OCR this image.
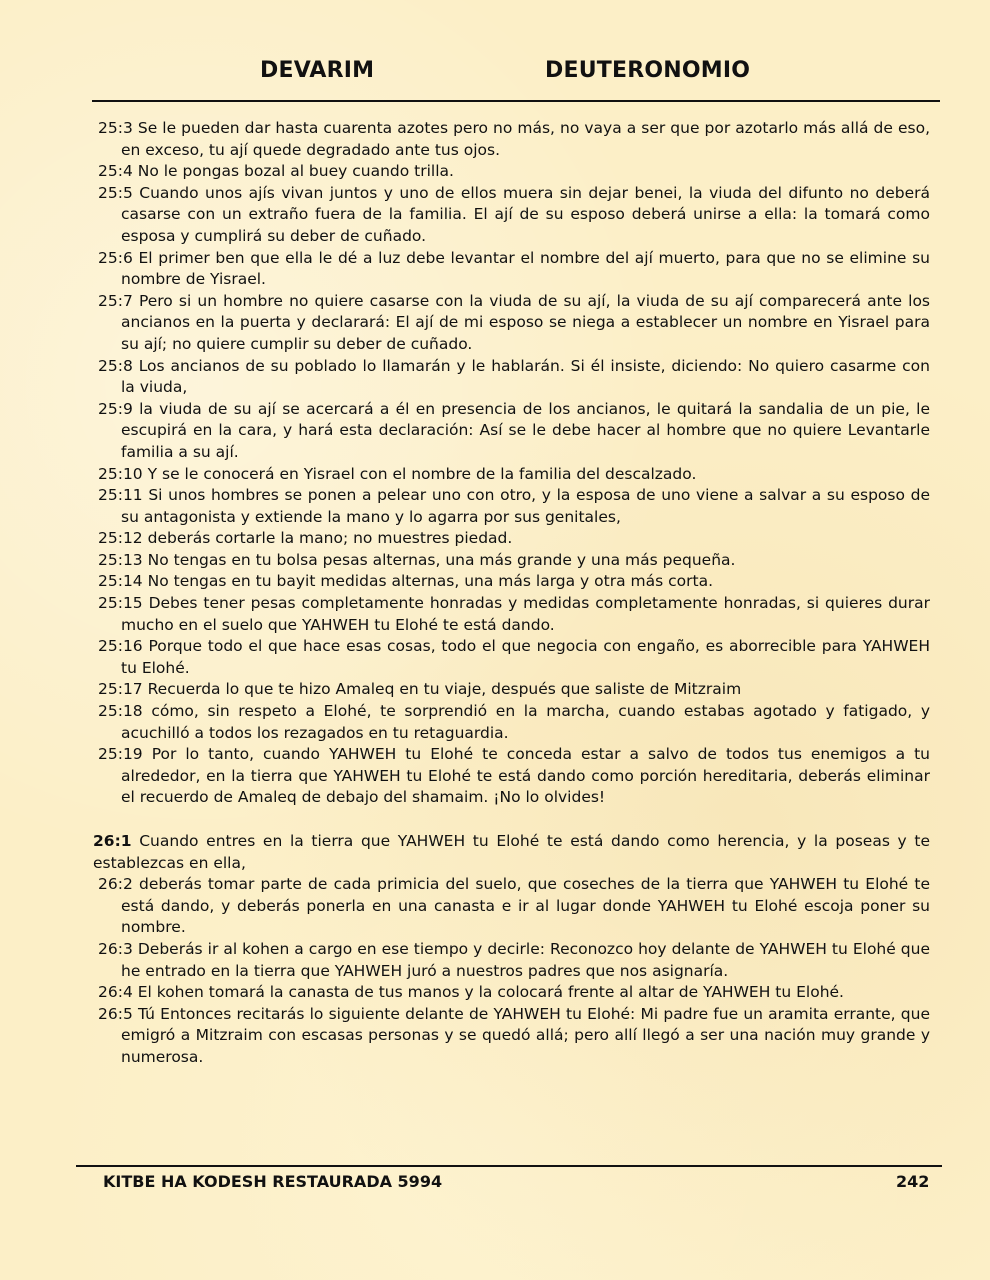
DEVARIM	DEUTERONOMIO

25:3 Se le pueden dar hasta cuarenta azotes pero no más, no vaya a ser que por azotarlo más allá de eso, en exceso, tu ají quede degradado ante tus ojos.

25:4 No le pongas bozal al buey cuando trilla.

25:5 Cuando unos ajís vivan juntos y uno de ellos muera sin dejar benei, la viuda del difunto no deberá casarse con un extraño fuera de la familia. El ají de su esposo deberá unirse a ella: la tomará como esposa y cumplirá su deber de cuñado.

25:6 El primer ben que ella le dé a luz debe levantar el nombre del ají muerto, para que no se elimine su nombre de Yisrael.

25:7 Pero si un hombre no quiere casarse con la viuda de su ají, la viuda de su ají comparecerá ante los ancianos en la puerta y declarará: El ají de mi esposo se niega a establecer un nombre en Yisrael para su ají; no quiere cumplir su deber de cuñado.

25:8 Los ancianos de su poblado lo llamarán y le hablarán. Si él insiste, diciendo: No quiero casarme con la viuda,

25:9 la viuda de su ají se acercará a él en presencia de los ancianos, le quitará la sandalia de un pie, le escupirá en la cara, y hará esta declaración: Así se le debe hacer al hombre que no quiere Levantarle familia a su ají.

25:10 Y se le conocerá en Yisrael con el nombre de la familia del descalzado.

25:11 Si unos hombres se ponen a pelear uno con otro, y la esposa de uno viene a salvar a su esposo de su antagonista y extiende la mano y lo agarra por sus genitales,

25:12 deberás cortarle la mano; no muestres piedad.

25:13 No tengas en tu bolsa pesas alternas, una más grande y una más pequeña.

25:14 No tengas en tu bayit medidas alternas, una más larga y otra más corta.

25:15 Debes tener pesas completamente honradas y medidas completamente honradas, si quieres durar mucho en el suelo que YAHWEH tu Elohé te está dando.

25:16 Porque todo el que hace esas cosas, todo el que negocia con engaño, es aborrecible para YAHWEH tu Elohé.

25:17 Recuerda lo que te hizo Amaleq en tu viaje, después que saliste de Mitzraim

25:18 cómo, sin respeto a Elohé, te sorprendió en la marcha, cuando estabas agotado y fatigado, y acuchilló a todos los rezagados en tu retaguardia.

25:19 Por lo tanto, cuando YAHWEH tu Elohé te conceda estar a salvo de todos tus enemigos a tu alrededor, en la tierra que YAHWEH tu Elohé te está dando como porción hereditaria, deberás eliminar el recuerdo de Amaleq de debajo del shamaim. ¡No lo olvides!

26:1 Cuando entres en la tierra que YAHWEH tu Elohé te está dando como herencia, y la poseas y te establezcas en ella,

26:2 deberás tomar parte de cada primicia del suelo, que coseches de la tierra que YAHWEH tu Elohé te está dando, y deberás ponerla en una canasta e ir al lugar donde YAHWEH tu Elohé escoja poner su nombre.

26:3 Deberás ir al kohen a cargo en ese tiempo y decirle: Reconozco hoy delante de YAHWEH tu Elohé que he entrado en la tierra que YAHWEH juró a nuestros padres que nos asignaría.

26:4 El kohen tomará la canasta de tus manos y la colocará frente al altar de YAHWEH tu Elohé.

26:5 Tú Entonces recitarás lo siguiente delante de YAHWEH tu Elohé: Mi padre fue un aramita errante, que emigró a Mitzraim con escasas personas y se quedó allá; pero allí llegó a ser una nación muy grande y numerosa.

KITBE HA KODESH RESTAURADA 5994	242
